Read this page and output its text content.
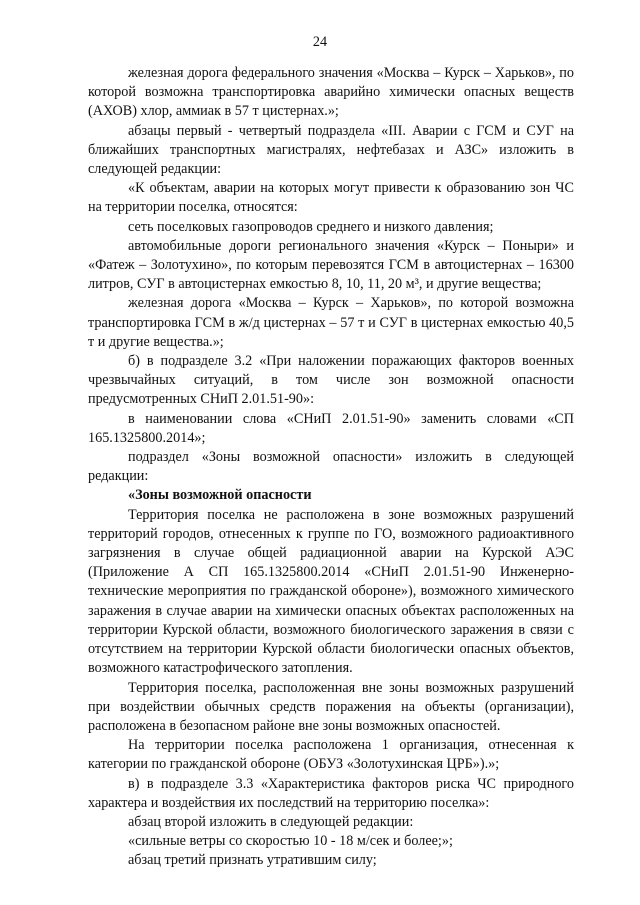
24

железная дорога федерального значения «Москва – Курск – Харьков», по которой возможна транспортировка аварийно химически опасных веществ (АХОВ) хлор, аммиак в 57 т цистернах.»;

абзацы первый - четвертый подраздела «III. Аварии с ГСМ и СУГ на ближайших транспортных магистралях, нефтебазах и АЗС» изложить в следующей редакции:

«К объектам, аварии на которых могут привести к образованию зон ЧС на территории поселка, относятся:

сеть поселковых газопроводов среднего и низкого давления;

автомобильные дороги регионального значения «Курск – Поныри» и «Фатеж – Золотухино», по которым перевозятся ГСМ в автоцистернах – 16300 литров, СУГ в автоцистернах емкостью 8, 10, 11, 20 м³, и другие вещества;

железная дорога «Москва – Курск – Харьков», по которой возможна транспортировка ГСМ в ж/д цистернах – 57 т и СУГ в цистернах емкостью 40,5 т и другие вещества.»;

б) в подразделе 3.2 «При наложении поражающих факторов военных чрезвычайных ситуаций, в том числе зон возможной опасности предусмотренных СНиП 2.01.51-90»:

в наименовании слова «СНиП 2.01.51-90» заменить словами «СП 165.1325800.2014»;

подраздел «Зоны возможной опасности» изложить в следующей редакции:

«Зоны возможной опасности

Территория поселка не расположена в зоне возможных разрушений территорий городов, отнесенных к группе по ГО, возможного радиоактивного загрязнения в случае общей радиационной аварии на Курской АЭС (Приложение А СП 165.1325800.2014 «СНиП 2.01.51-90 Инженерно-технические мероприятия по гражданской обороне»), возможного химического заражения в случае аварии на химически опасных объектах расположенных на территории Курской области, возможного биологического заражения в связи с отсутствием на территории Курской области биологически опасных объектов, возможного катастрофического затопления.

Территория поселка, расположенная вне зоны возможных разрушений при воздействии обычных средств поражения на объекты (организации), расположена в безопасном районе вне зоны возможных опасностей.

На территории поселка расположена 1 организация, отнесенная к категории по гражданской обороне (ОБУЗ «Золотухинская ЦРБ»).»;

в) в подразделе 3.3 «Характеристика факторов риска ЧС природного характера и воздействия их последствий на территорию поселка»:

абзац второй изложить в следующей редакции:

«сильные ветры со скоростью 10 - 18 м/сек и более;»;

абзац третий признать утратившим силу;
